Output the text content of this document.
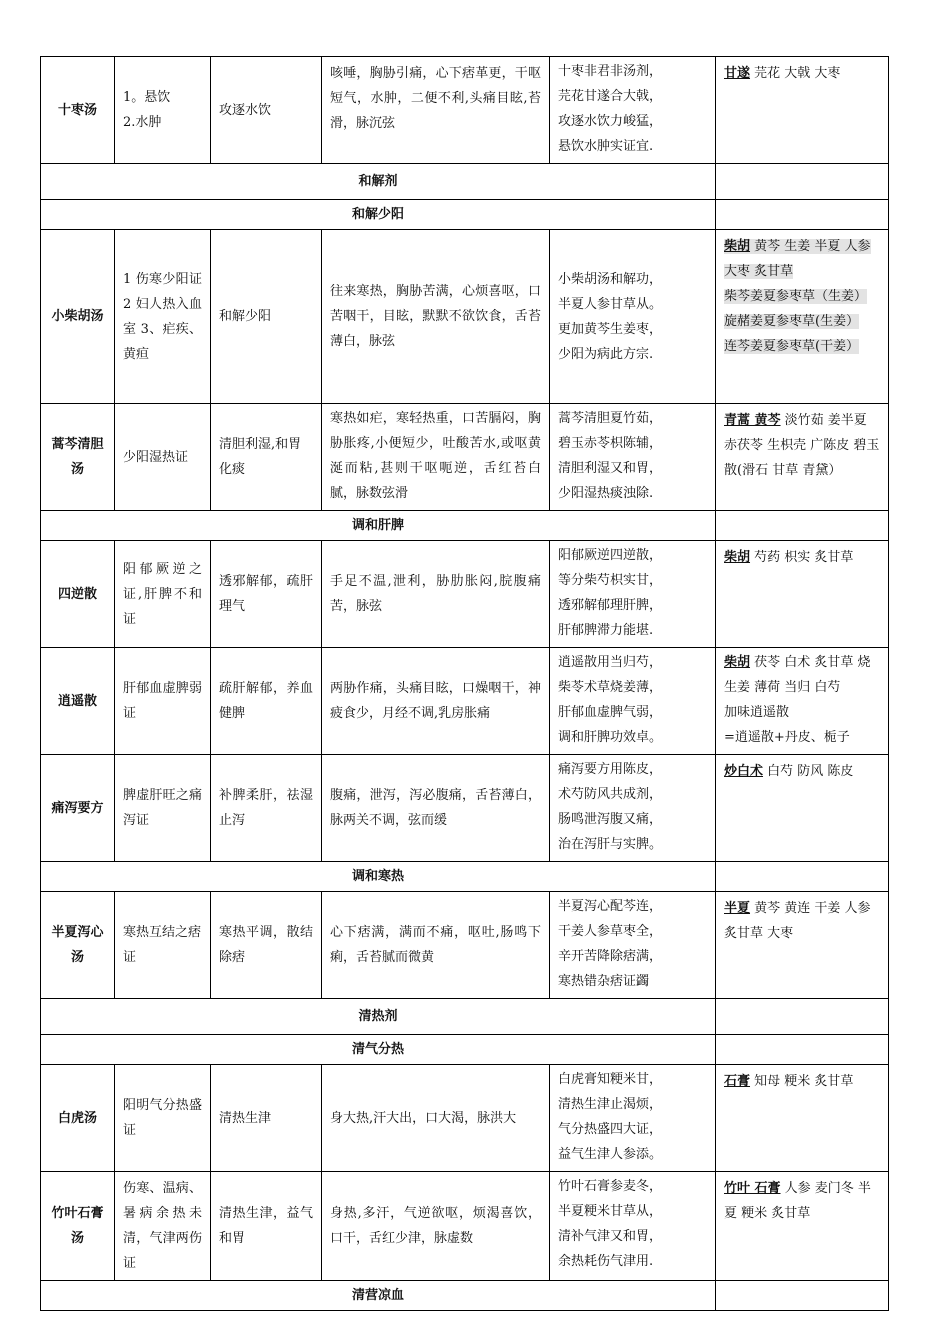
十枣汤	1。悬饮
2.水肿	攻逐水饮	咳唾，胸胁引痛，心下痞革更，干呕短气，水肿，二便不利,头痛目眩,苔滑，脉沉弦	十枣非君非汤剂，
芫花甘遂合大戟，
攻逐水饮力峻猛，
悬饮水肿实证宜.	甘遂 芫花 大戟 大枣
和解剂					
和解少阳					
小柴胡汤	1 伤寒少阳证 2 妇人热入血室 3、疟疾、黄疸	和解少阳	往来寒热，胸胁苦满，心烦喜呕，口苦咽干，目眩，默默不欲饮食，舌苔薄白，脉弦	小柴胡汤和解功，
半夏人参甘草从。
更加黄芩生姜枣，
少阳为病此方宗.	柴胡 黄芩 生姜 半夏 人参 大枣 炙甘草
柴芩姜夏参枣草（生姜）
旋赭姜夏参枣草(生姜）
连芩姜夏参枣草(干姜）

蒿芩清胆汤	少阳湿热证	清胆利湿,和胃化痰	寒热如疟，寒轻热重，口苦膈闷，胸胁胀疼,小便短少，吐酸苦水,或呕黄涎而粘,甚则干呕呃逆，舌红苔白腻，脉数弦滑	蒿芩清胆夏竹茹，
碧玉赤苓枳陈辅，
清胆利湿又和胃，
少阳湿热痰浊除.	青蒿 黄芩 淡竹茹 姜半夏 赤茯苓 生枳壳 广陈皮 碧玉散(滑石 甘草 青黛）
调和肝脾					
四逆散	阳郁厥逆之证,肝脾不和证	透邪解郁，疏肝理气	手足不温,泄利，胁肋胀闷,脘腹痛苦，脉弦	阳郁厥逆四逆散，
等分柴芍枳实甘，
透邪解郁理肝脾，
肝郁脾滞力能堪.	柴胡 芍药 枳实 炙甘草
逍遥散	肝郁血虚脾弱证	疏肝解郁，养血健脾	两胁作痛，头痛目眩，口燥咽干，神疲食少，月经不调,乳房胀痛	逍遥散用当归芍，
柴苓术草烧姜薄，
肝郁血虚脾气弱，
调和肝脾功效卓。	柴胡 茯苓 白术 炙甘草 烧生姜 薄荷 当归 白芍
加味逍遥散
=逍遥散+丹皮、栀子

痛泻要方	脾虚肝旺之痛泻证	补脾柔肝，祛湿止泻	腹痛，泄泻，泻必腹痛，舌苔薄白，脉两关不调，弦而缓	痛泻要方用陈皮，
术芍防风共成剂，
肠鸣泄泻腹又痛，
治在泻肝与实脾。	炒白术 白芍 防风 陈皮
调和寒热					
半夏泻心汤	寒热互结之痞证	寒热平调，散结除痞	心下痞满，满而不痛，呕吐,肠鸣下痢，舌苔腻而微黄	半夏泻心配芩连，
干姜人参草枣全，
辛开苦降除痞满，
寒热错杂痞证蠲	半夏 黄芩 黄连 干姜 人参 炙甘草 大枣
清热剂					
清气分热					
白虎汤	阳明气分热盛证	清热生津	身大热,汗大出，口大渴，脉洪大	白虎膏知粳米甘，
清热生津止渴烦，
气分热盛四大证，
益气生津人参添。	石膏 知母 粳米 炙甘草
竹叶石膏汤	伤寒、温病、暑病余热未清，气津两伤证	清热生津，益气和胃	身热,多汗，气逆欲呕，烦渴喜饮，口干，舌红少津，脉虚数	竹叶石膏参麦冬，
半夏粳米甘草从，
清补气津又和胃，
余热耗伤气津用.	竹叶 石膏 人参 麦门冬 半夏 粳米 炙甘草
清营凉血					
